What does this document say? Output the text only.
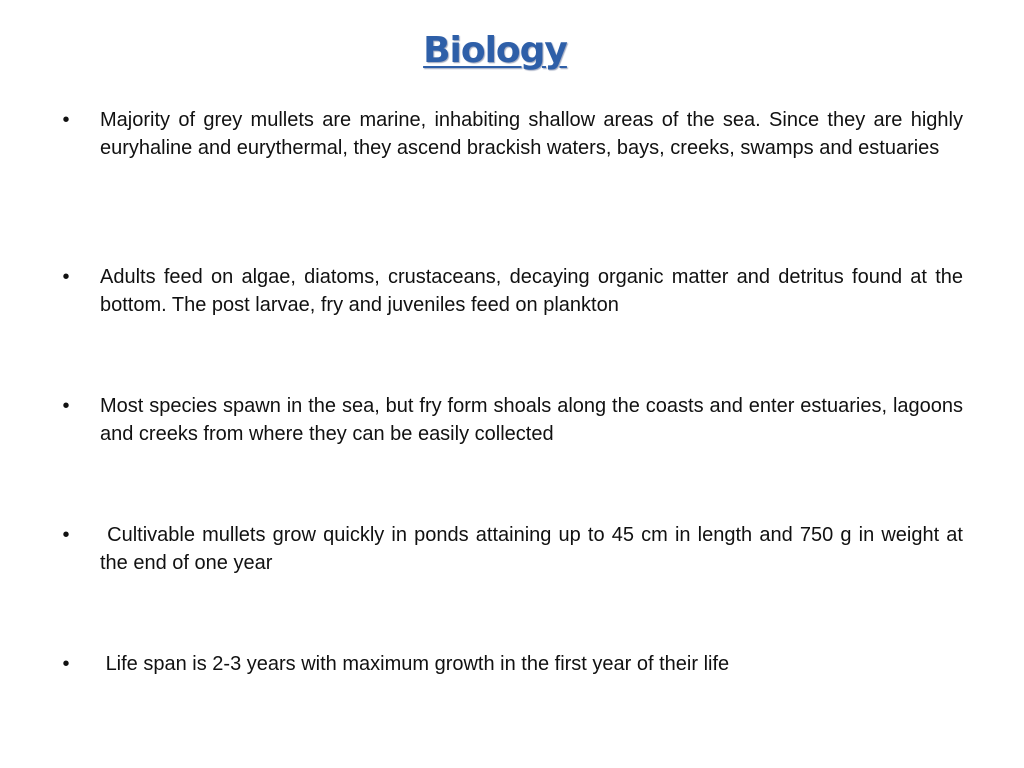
Biology
• Majority of grey mullets are marine, inhabiting shallow areas of the sea. Since they are highly euryhaline and eurythermal, they ascend brackish waters, bays, creeks, swamps and estuaries
• Adults feed on algae, diatoms, crustaceans, decaying organic matter and detritus found at the bottom. The post larvae, fry and juveniles feed on plankton
• Most species spawn in the sea, but fry form shoals along the coasts and enter estuaries, lagoons and creeks from where they can be easily collected
• Cultivable mullets grow quickly in ponds attaining up to 45 cm in length and 750 g in weight at the end of one year
• Life span is 2-3 years with maximum growth in the first year of their life
